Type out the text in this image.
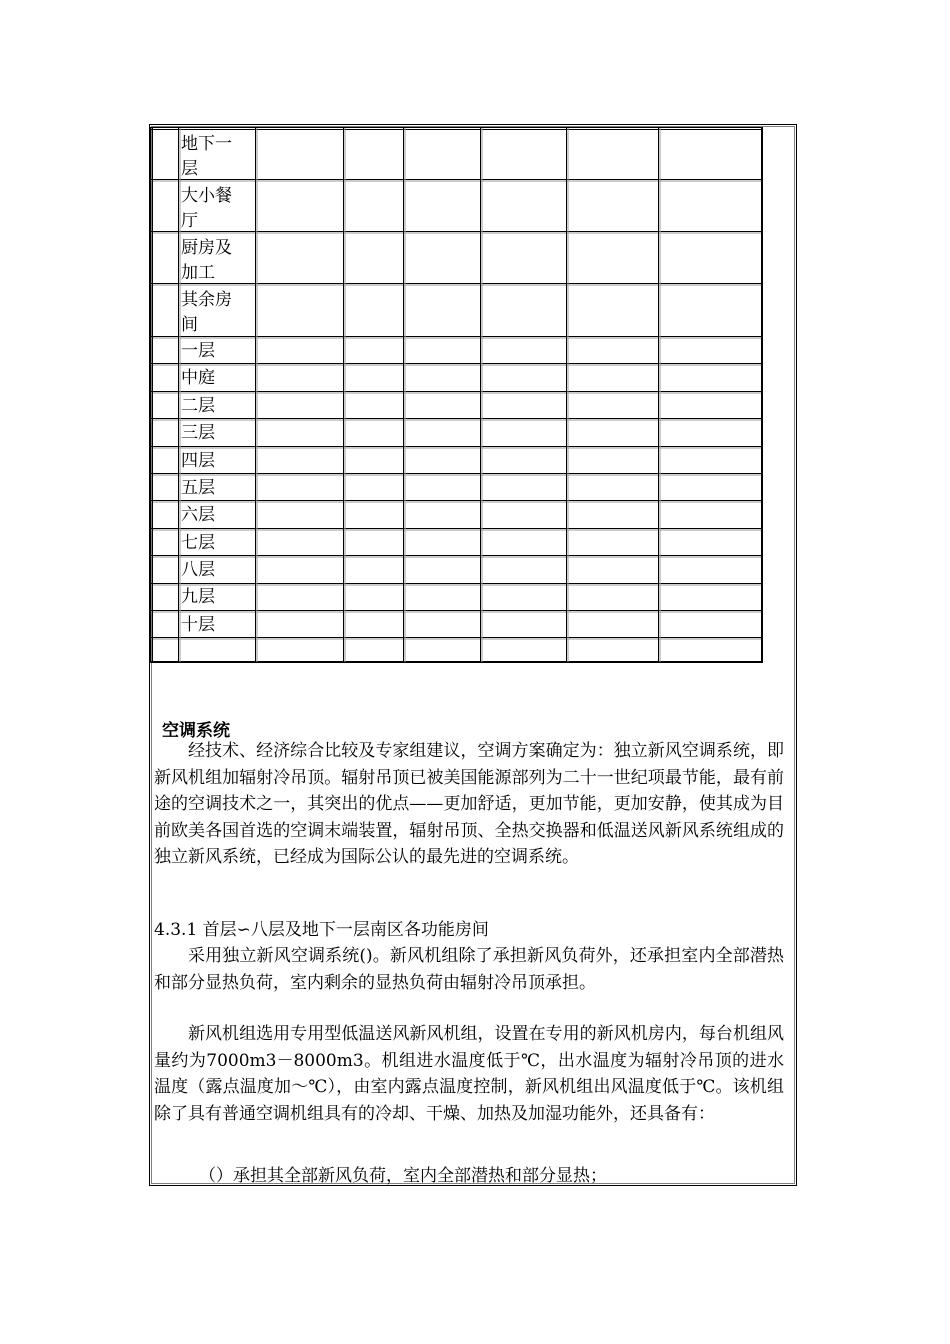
地下一
层
大小餐
厅
厨房及
加工
其余房
间
一层
中庭
二层
三层
四层
五层
六层
七层
八层
九层
十层
空调系统
经技术、经济综合比较及专家组建议，空调方案确定为：独立新风空调系统，即新风机组加辐射冷吊顶。辐射吊顶已被美国能源部列为二十一世纪项最节能，最有前途的空调技术之一，其突出的优点——更加舒适，更加节能，更加安静，使其成为目前欧美各国首选的空调末端装置，辐射吊顶、全热交换器和低温送风新风系统组成的独立新风系统，已经成为国际公认的最先进的空调系统。
4.3.1 首层∽八层及地下一层南区各功能房间
采用独立新风空调系统()。新风机组除了承担新风负荷外，还承担室内全部潜热和部分显热负荷，室内剩余的显热负荷由辐射冷吊顶承担。
新风机组选用专用型低温送风新风机组，设置在专用的新风机房内，每台机组风量约为7000m3－8000m3。机组进水温度低于℃，出水温度为辐射冷吊顶的进水温度（露点温度加～℃），由室内露点温度控制，新风机组出风温度低于℃。该机组除了具有普通空调机组具有的冷却、干燥、加热及加湿功能外，还具备有：
（）承担其全部新风负荷，室内全部潜热和部分显热；
